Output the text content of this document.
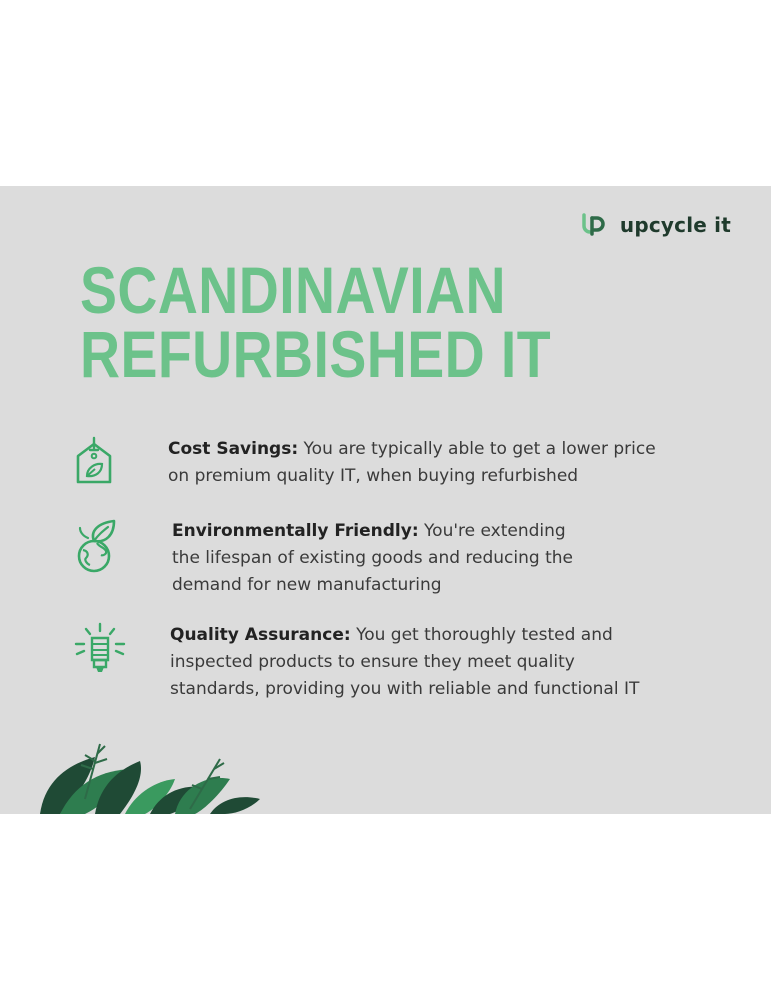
upcycle it
SCANDINAVIAN
REFURBISHED IT
Cost Savings: You are typically able to get a lower price
on premium quality IT, when buying refurbished
Environmentally Friendly: You're extending
the lifespan of existing goods and reducing the
demand for new manufacturing
Quality Assurance: You get thoroughly tested and
inspected products to ensure they meet quality
standards, providing you with reliable and functional IT
